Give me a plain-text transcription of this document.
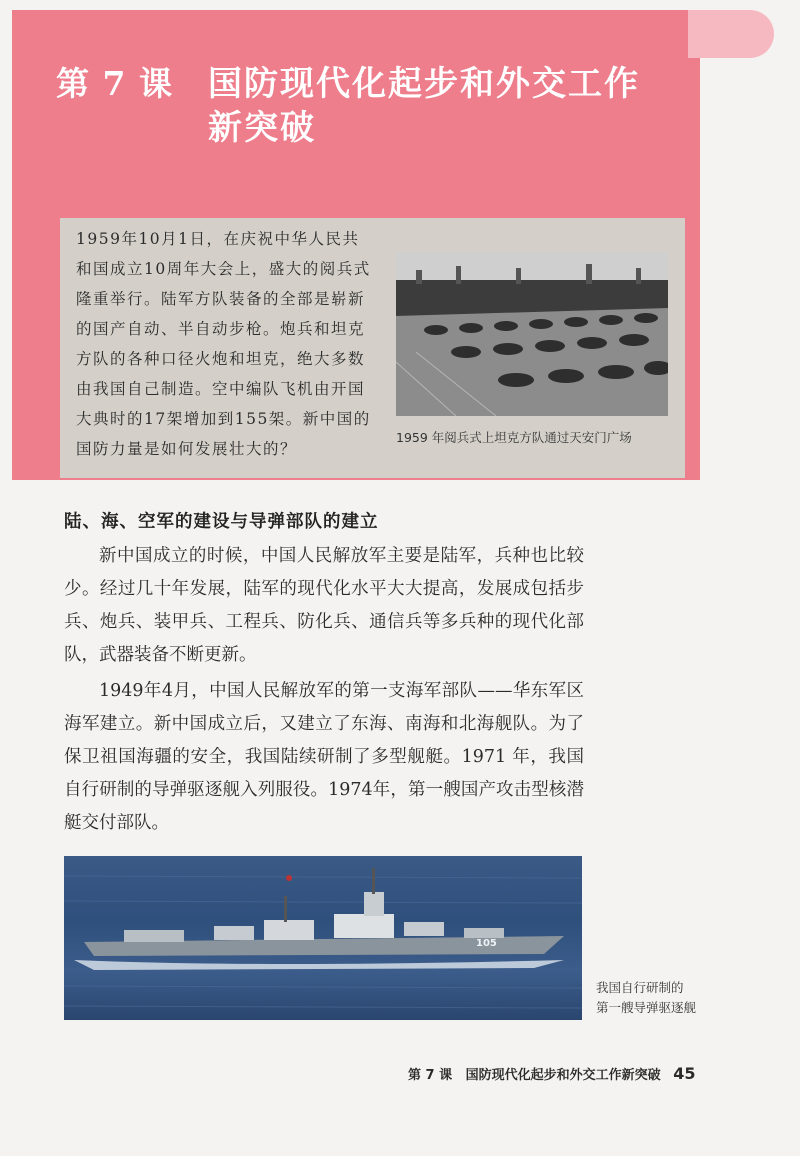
第 7 课 国防现代化起步和外交工作
新突破
1959年10月1日，在庆祝中华人民共和国成立10周年大会上，盛大的阅兵式隆重举行。陆军方队装备的全部是崭新的国产自动、半自动步枪。炮兵和坦克方队的各种口径火炮和坦克，绝大多数由我国自己制造。空中编队飞机由开国大典时的17架增加到155架。新中国的国防力量是如何发展壮大的？
1959 年阅兵式上坦克方队通过天安门广场
陆、海、空军的建设与导弹部队的建立

新中国成立的时候，中国人民解放军主要是陆军，兵种也比较少。经过几十年发展，陆军的现代化水平大大提高，发展成包括步兵、炮兵、装甲兵、工程兵、防化兵、通信兵等多兵种的现代化部队，武器装备不断更新。

1949年4月，中国人民解放军的第一支海军部队——华东军区海军建立。新中国成立后，又建立了东海、南海和北海舰队。为了保卫祖国海疆的安全，我国陆续研制了多型舰艇。1971 年，我国自行研制的导弹驱逐舰入列服役。1974年，第一艘国产攻击型核潜艇交付部队。

105
我国自行研制的
第一艘导弹驱逐舰
第 7 课   国防现代化起步和外交工作新突破 45
